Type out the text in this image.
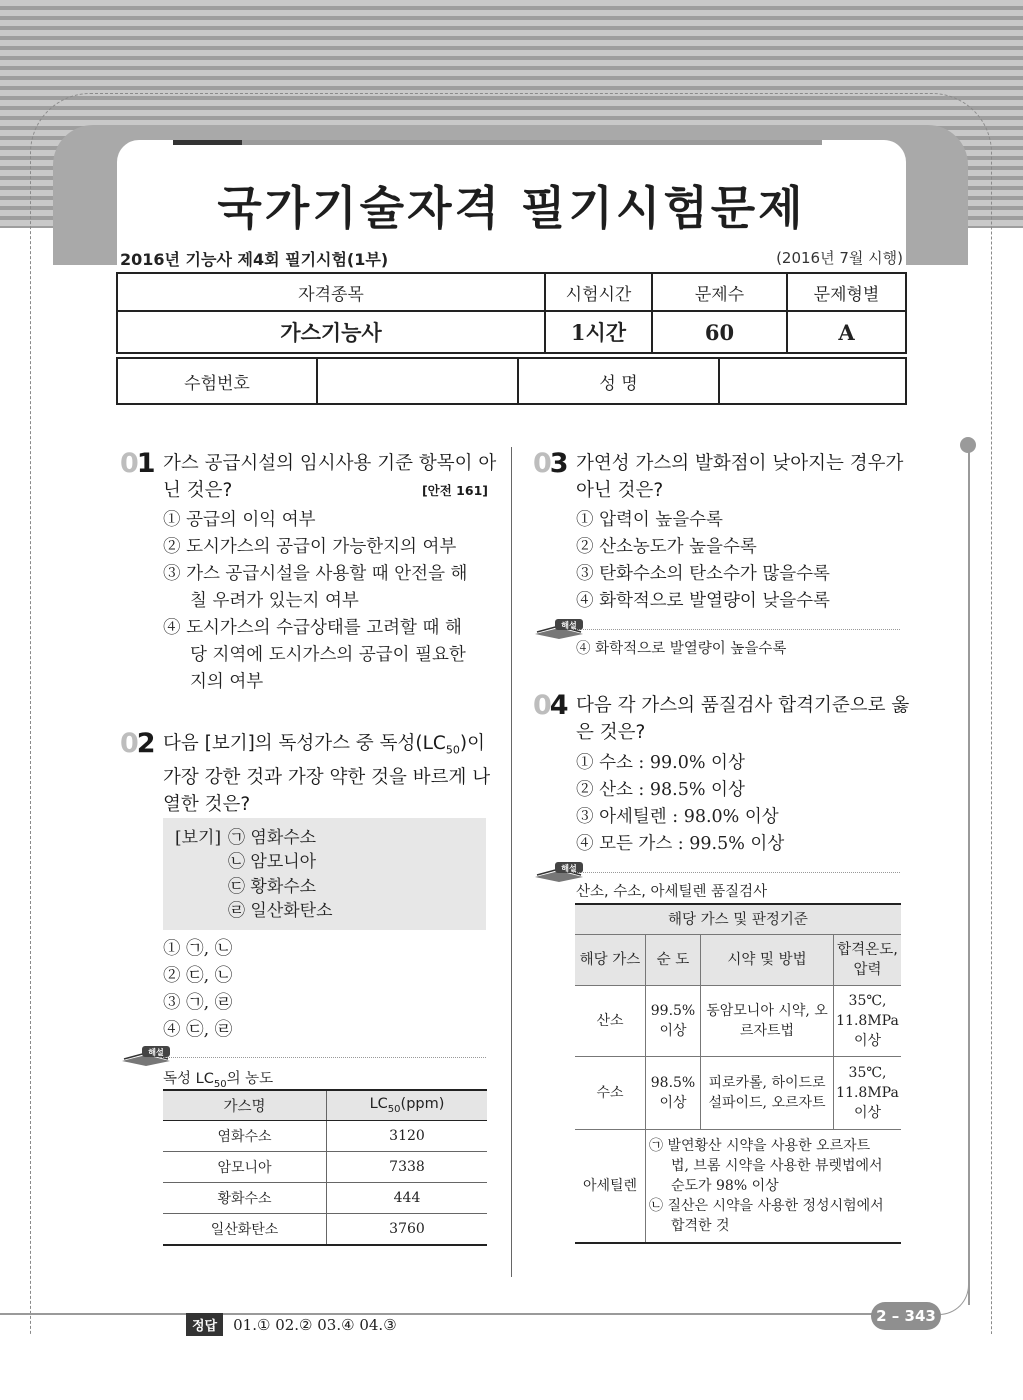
국가기술자격 필기시험문제
2016년 기능사 제4회 필기시험(1부)	(2016년 7월 시행)
자격종목	시험시간	문제수	문제형별
가스기능사	1시간	60	A
수험번호		성 명	
01 가스 공급시설의 임시사용 기준 항목이 아
닌 것은?	[안전 161]
① 공급의 이익 여부
② 도시가스의 공급이 가능한지의 여부
③ 가스 공급시설을 사용할 때 안전을 해
칠 우려가 있는지 여부
④ 도시가스의 수급상태를 고려할 때 해
당 지역에 도시가스의 공급이 필요한
지의 여부
02 다음 [보기]의 독성가스 중 독성$(LC_{50})$이
가장 강한 것과 가장 약한 것을 바르게 나
열한 것은?
[보기] ㉠ 염화수소
㉡ 암모니아
㉢ 황화수소
㉣ 일산화탄소
① ㉠, ㉡
② ㉢, ㉡
③ ㉠, ㉣
④ ㉢, ㉣
해설
독성 $LC_{50}$의 농도
가스명	$LC_{50}(ppm)$
염화수소	3120
암모니아	7338
황화수소	444
일산화탄소	3760
03 가연성 가스의 발화점이 낮아지는 경우가
아닌 것은?
① 압력이 높을수록
② 산소농도가 높을수록
③ 탄화수소의 탄소수가 많을수록
④ 화학적으로 발열량이 낮을수록
해설
④ 화학적으로 발열량이 높을수록
04 다음 각 가스의 품질검사 합격기준으로 옳
은 것은?
① 수소 : 99.0% 이상
② 산소 : 98.5% 이상
③ 아세틸렌 : 98.0% 이상
④ 모든 가스 : 99.5% 이상
해설
산소, 수소, 아세틸렌 품질검사
해당 가스 및 판정기준			
해당 가스	순 도	시약 및 방법	합격온도, 압력
산소	99.5% 이상	동암모니아 시약, 오르자트법	35℃, 11.8MPa 이상
수소	98.5% 이상	피로카롤, 하이드로설파이드, 오르자트	35℃, 11.8MPa 이상
아세틸렌	㉠ 발연황산 시약을 사용한 오르자트
법, 브롬 시약을 사용한 뷰렛법에서
순도가 98% 이상
㉡ 질산은 시약을 사용한 정성시험에서
합격한 것		
정답 01.① 02.② 03.④ 04.③	2 – 343
